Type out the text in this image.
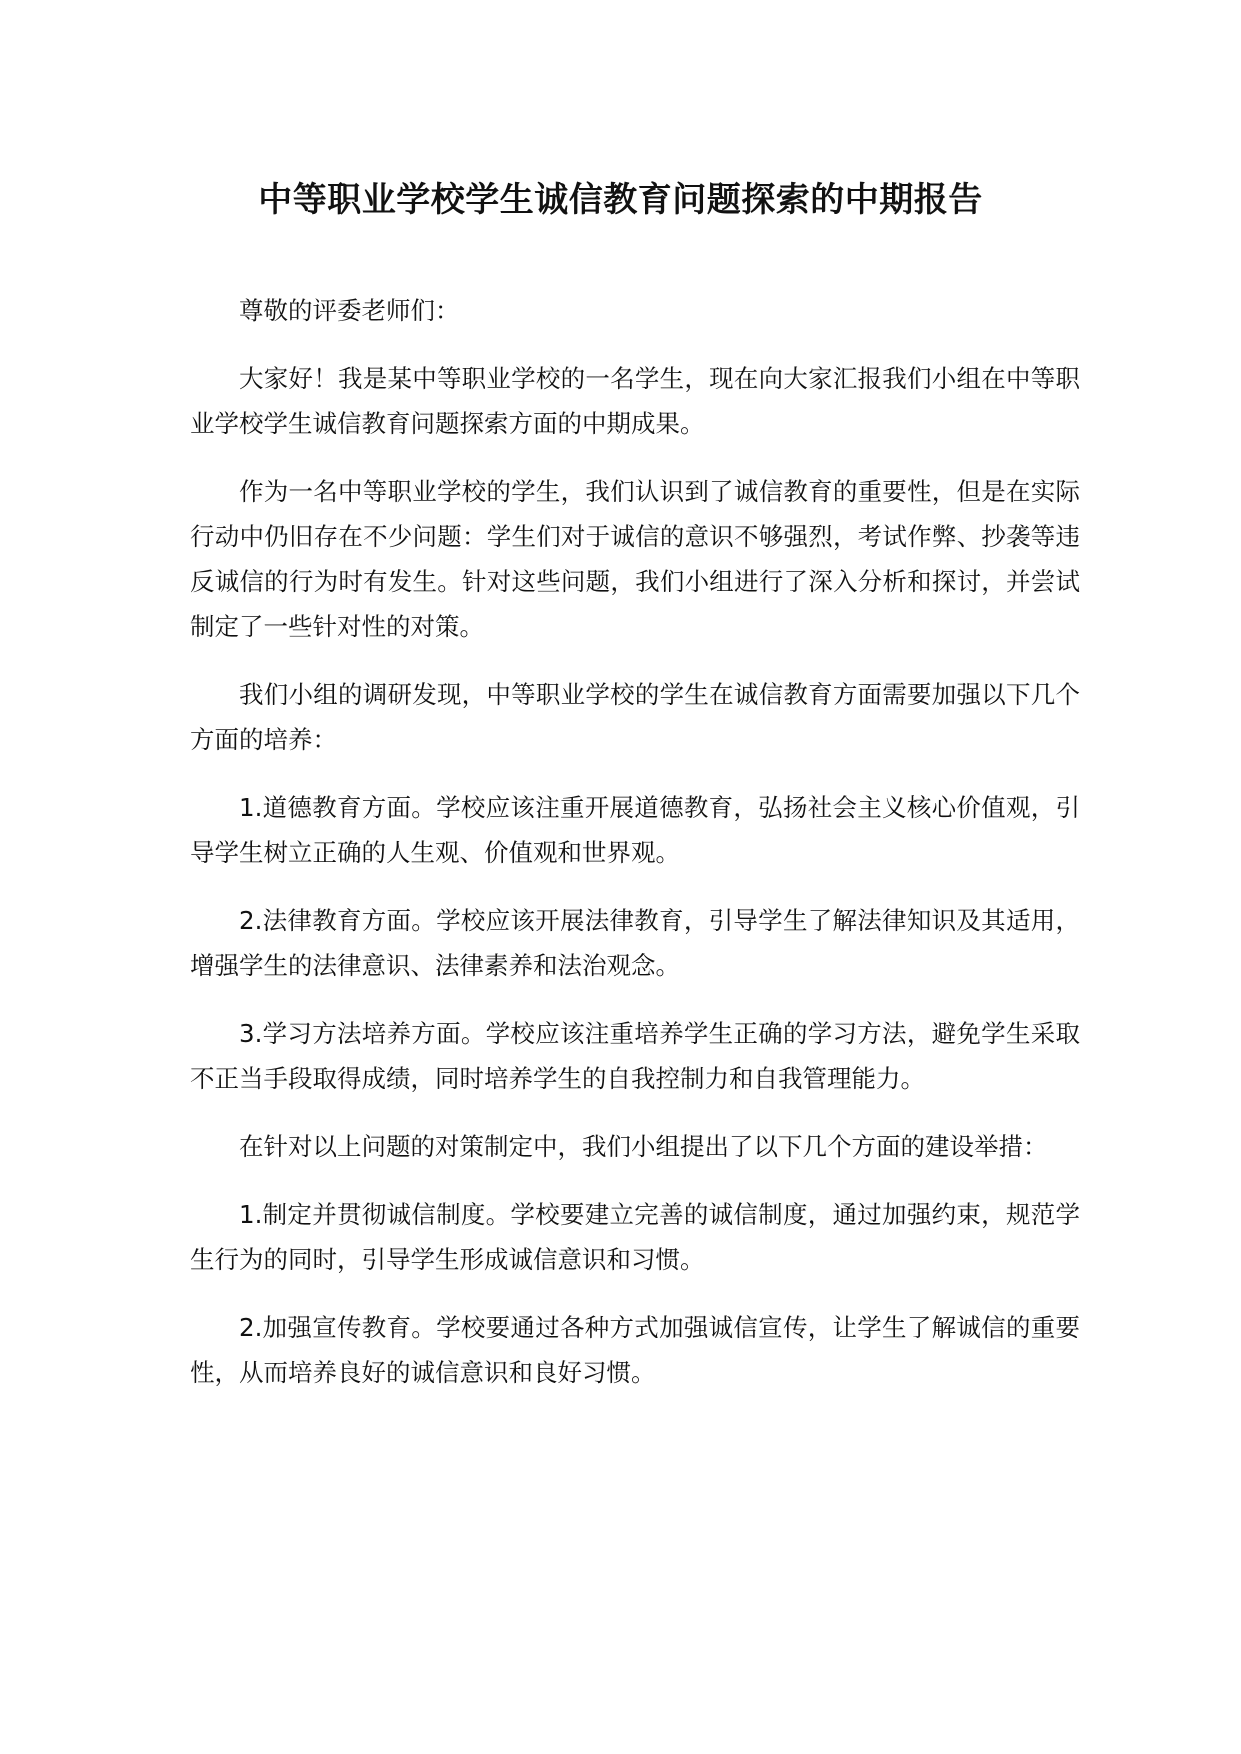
中等职业学校学生诚信教育问题探索的中期报告

尊敬的评委老师们：

大家好！我是某中等职业学校的一名学生，现在向大家汇报我们小组在中等职业学校学生诚信教育问题探索方面的中期成果。

作为一名中等职业学校的学生，我们认识到了诚信教育的重要性，但是在实际行动中仍旧存在不少问题：学生们对于诚信的意识不够强烈，考试作弊、抄袭等违反诚信的行为时有发生。针对这些问题，我们小组进行了深入分析和探讨，并尝试制定了一些针对性的对策。

我们小组的调研发现，中等职业学校的学生在诚信教育方面需要加强以下几个方面的培养：

1.道德教育方面。学校应该注重开展道德教育，弘扬社会主义核心价值观，引导学生树立正确的人生观、价值观和世界观。

2.法律教育方面。学校应该开展法律教育，引导学生了解法律知识及其适用，增强学生的法律意识、法律素养和法治观念。

3.学习方法培养方面。学校应该注重培养学生正确的学习方法，避免学生采取不正当手段取得成绩，同时培养学生的自我控制力和自我管理能力。

在针对以上问题的对策制定中，我们小组提出了以下几个方面的建设举措：

1.制定并贯彻诚信制度。学校要建立完善的诚信制度，通过加强约束，规范学生行为的同时，引导学生形成诚信意识和习惯。

2.加强宣传教育。学校要通过各种方式加强诚信宣传，让学生了解诚信的重要性，从而培养良好的诚信意识和良好习惯。
